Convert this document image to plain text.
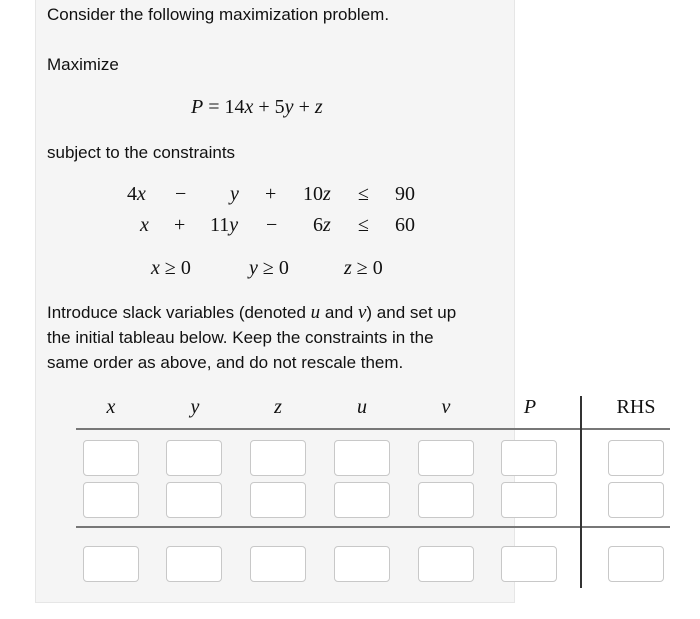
Consider the following maximization problem.
Maximize
P = 14x + 5y + z
subject to the constraints
4x − y + 10z ≤ 90
x + 11y − 6z ≤ 60
x ≥ 0	y ≥ 0	z ≥ 0
Introduce slack variables (denoted u and v) and set up
the initial tableau below. Keep the constraints in the
same order as above, and do not rescale them.
x	y	z	u	v	P	RHS
